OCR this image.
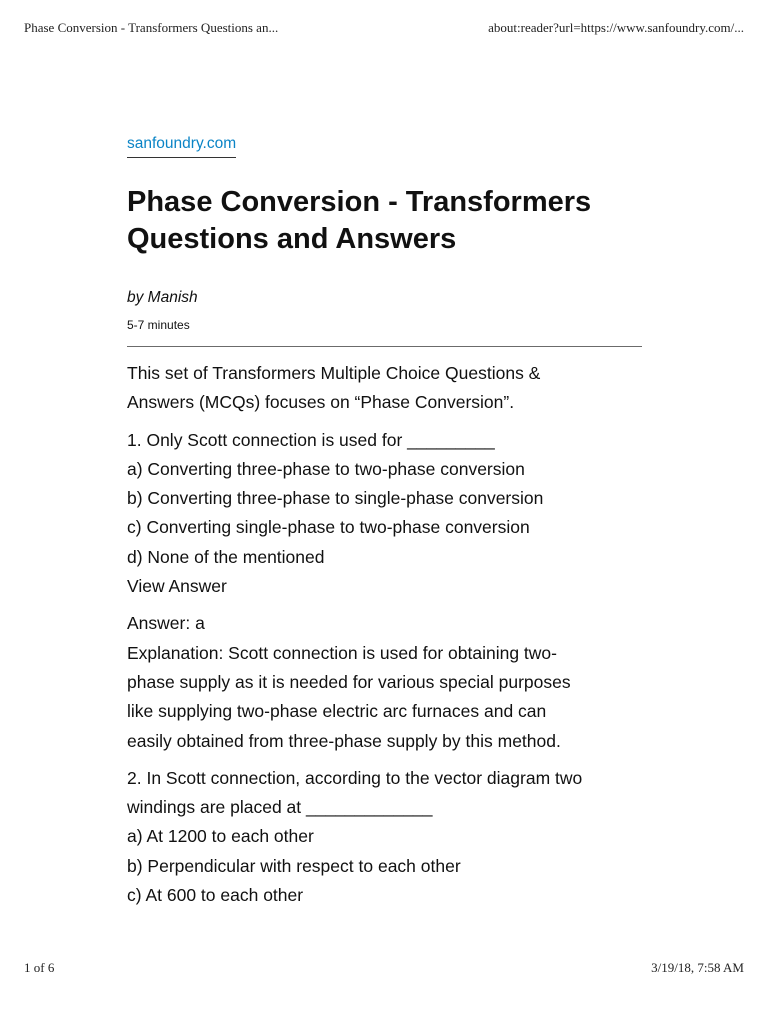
Phase Conversion - Transformers Questions an...	about:reader?url=https://www.sanfoundry.com/...
sanfoundry.com
Phase Conversion - Transformers
Questions and Answers
by Manish
5-7 minutes

This set of Transformers Multiple Choice Questions &
Answers (MCQs) focuses on “Phase Conversion”.

1. Only Scott connection is used for _________
a) Converting three-phase to two-phase conversion
b) Converting three-phase to single-phase conversion
c) Converting single-phase to two-phase conversion
d) None of the mentioned
View Answer

Answer: a
Explanation: Scott connection is used for obtaining two-
phase supply as it is needed for various special purposes
like supplying two-phase electric arc furnaces and can
easily obtained from three-phase supply by this method.

2. In Scott connection, according to the vector diagram two
windings are placed at _____________
a) At 1200 to each other
b) Perpendicular with respect to each other
c) At 600 to each other

1 of 6	3/19/18, 7:58 AM
